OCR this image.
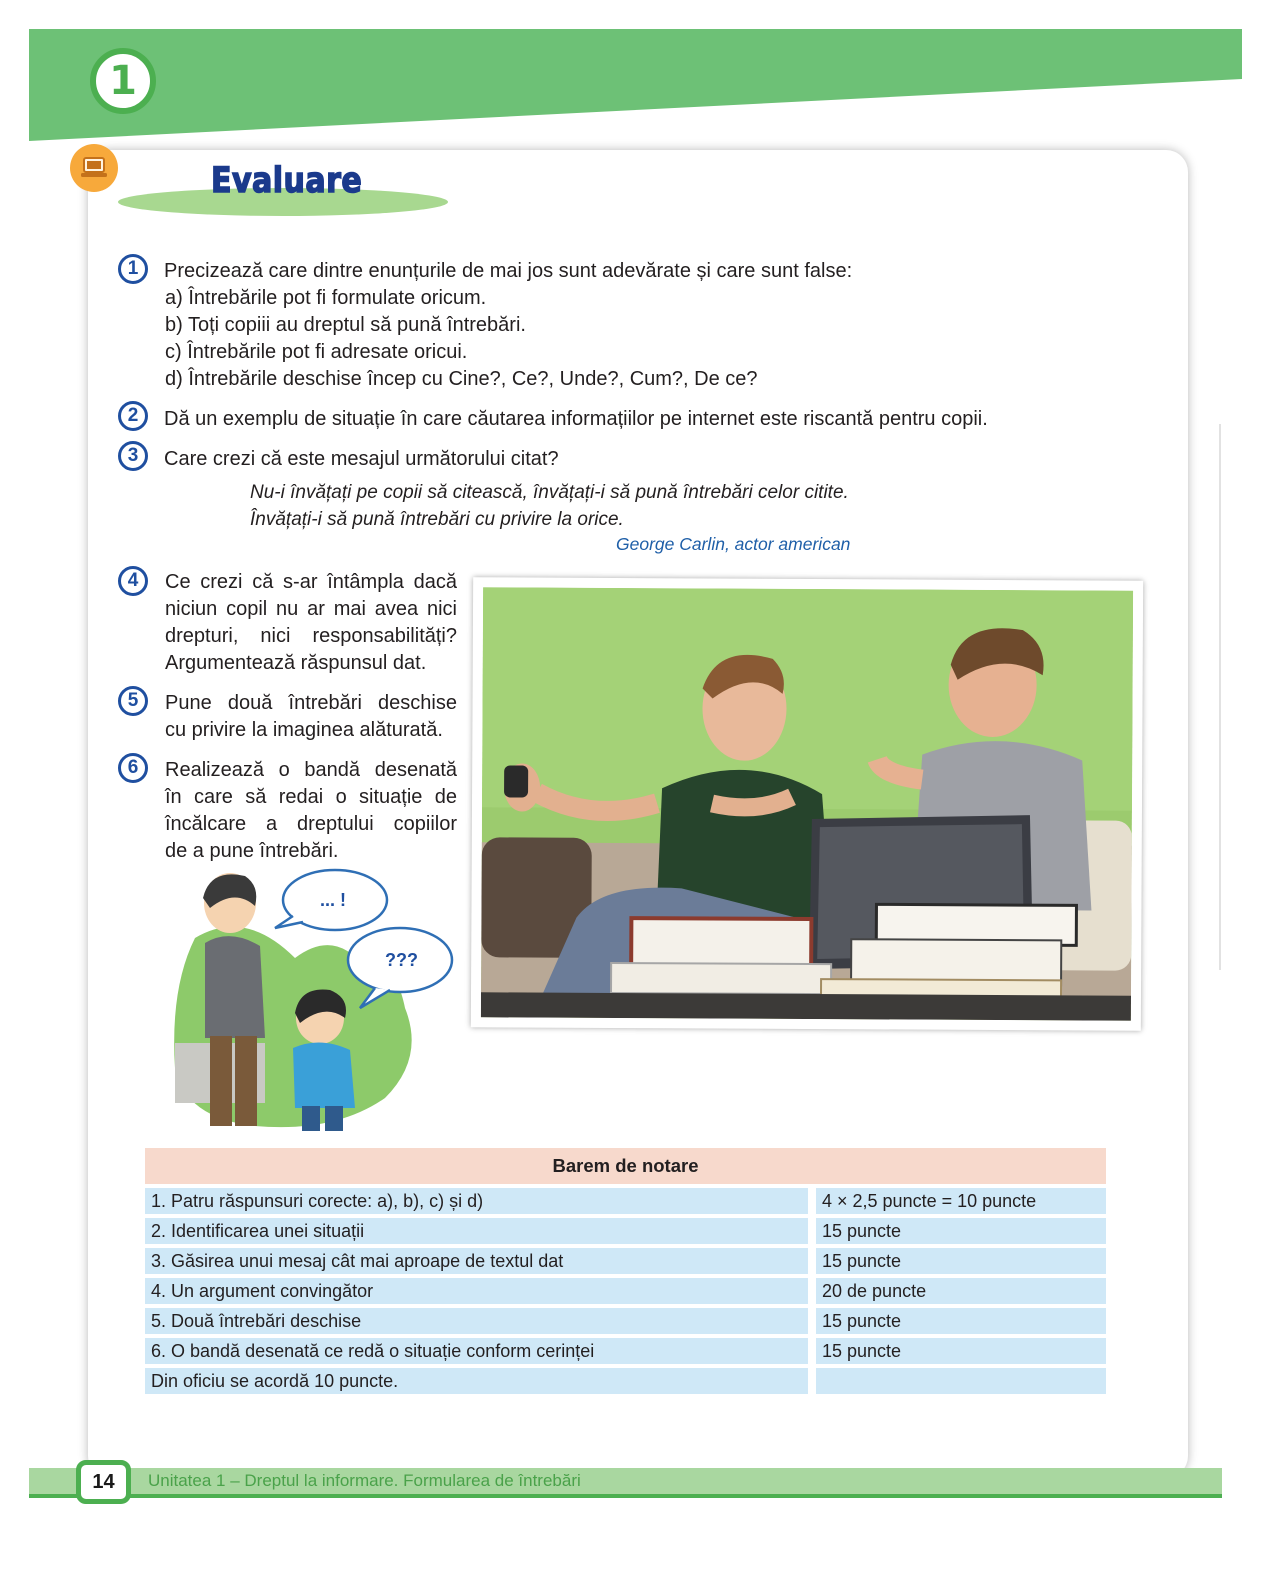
1
Evaluare
1	Precizează care dintre enunțurile de mai jos sunt adevărate și care sunt false:
a) Întrebările pot fi formulate oricum.
b) Toți copiii au dreptul să pună întrebări.
c) Întrebările pot fi adresate oricui.
d) Întrebările deschise încep cu Cine?, Ce?, Unde?, Cum?, De ce?
2	Dă un exemplu de situație în care căutarea informațiilor pe internet este riscantă pentru copii.
3	Care crezi că este mesajul următorului citat?
Nu-i învățați pe copii să citească, învățați-i să pună întrebări celor citite.
Învățați-i să pună întrebări cu privire la orice.
George Carlin, actor american
4	Ce crezi că s-ar întâmpla dacă
niciun copil nu ar mai avea nici
drepturi, nici responsabilități?
Argumentează răspunsul dat.
5	Pune două întrebări deschise
cu privire la imaginea alăturată.
6	Realizează o bandă desenată
în care să redai o situație de
încălcare a dreptului copiilor
de a pune întrebări.
... !
???
Barem de notare	
1. Patru răspunsuri corecte: a), b), c) și d)	4 × 2,5 puncte = 10 puncte
2. Identificarea unei situații	15 puncte
3. Găsirea unui mesaj cât mai aproape de textul dat	15 puncte
4. Un argument convingător	20 de puncte
5. Două întrebări deschise	15 puncte
6. O bandă desenată ce redă o situație conform cerinței	15 puncte
Din oficiu se acordă 10 puncte.	
14	Unitatea 1 – Dreptul la informare. Formularea de întrebări
